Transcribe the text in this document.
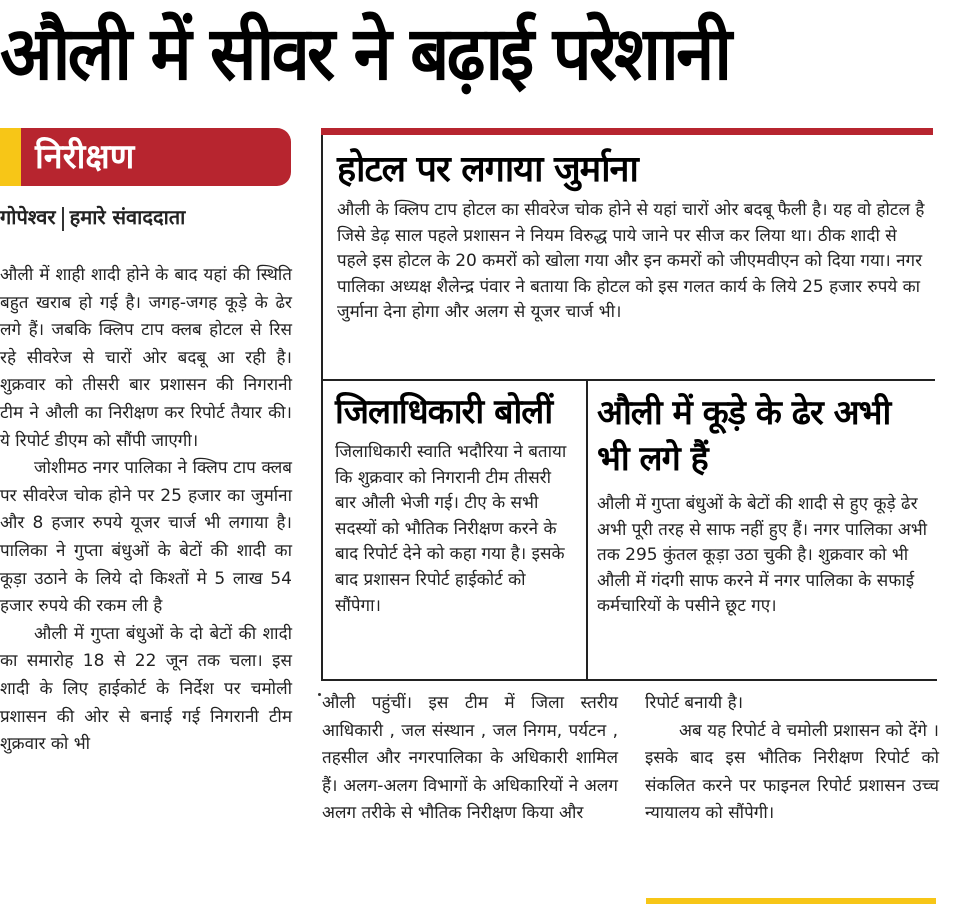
औली में सीवर ने बढ़ाई परेशानी
निरीक्षण
गोपेश्वर हमारे संवाददाता

औली में शाही शादी होने के बाद यहां की स्थिति बहुत खराब हो गई है। जगह-जगह कूड़े के ढेर लगे हैं। जबकि क्लिप टाप क्लब होटल से रिस रहे सीवरेज से चारों ओर बदबू आ रही है। शुक्रवार को तीसरी बार प्रशासन की निगरानी टीम ने औली का निरीक्षण कर रिपोर्ट तैयार की। ये रिपोर्ट डीएम को सौंपी जाएगी।

जोशीमठ नगर पालिका ने क्लिप टाप क्लब पर सीवरेज चोक होने पर 25 हजार का जुर्माना और 8 हजार रुपये यूजर चार्ज भी लगाया है। पालिका ने गुप्ता बंधुओं के बेटों की शादी का कूड़ा उठाने के लिये दो किश्तों मे 5 लाख 54 हजार रुपये की रकम ली है

औली में गुप्ता बंधुओं के दो बेटों की शादी का समारोह 18 से 22 जून तक चला। इस शादी के लिए हाईकोर्ट के निर्देश पर चमोली प्रशासन की ओर से बनाई गई निगरानी टीम शुक्रवार को भी

होटल पर लगाया जुर्माना
औली के क्लिप टाप होटल का सीवरेज चोक होने से यहां चारों ओर बदबू फैली है। यह वो होटल है जिसे डेढ़ साल पहले प्रशासन ने नियम विरुद्ध पाये जाने पर सीज कर लिया था। ठीक शादी से पहले इस होटल के 20 कमरों को खोला गया और इन कमरों को जीएमवीएन को दिया गया। नगर पालिका अध्यक्ष शैलेन्द्र पंवार ने बताया कि होटल को इस गलत कार्य के लिये 25 हजार रुपये का जुर्माना देना होगा और अलग से यूजर चार्ज भी।
जिलाधिकारी बोलीं
जिलाधिकारी स्वाति भदौरिया ने बताया कि शुक्रवार को निगरानी टीम तीसरी बार औली भेजी गई। टीए के सभी सदस्यों को भौतिक निरीक्षण करने के बाद रिपोर्ट देने को कहा गया है। इसके बाद प्रशासन रिपोर्ट हाईकोर्ट को सौंपेगा।
औली में कूड़े के ढेर अभी भी लगे हैं
औली में गुप्ता बंधुओं के बेटों की शादी से हुए कूड़े ढेर अभी पूरी तरह से साफ नहीं हुए हैं। नगर पालिका अभी तक 295 कुंतल कूड़ा उठा चुकी है। शुक्रवार को भी औली में गंदगी साफ करने में नगर पालिका के सफाई कर्मचारियों के पसीने छूट गए।

औली पहुंचीं। इस टीम में जिला स्तरीय आधिकारी , जल संस्थान , जल निगम, पर्यटन , तहसील और नगरपालिका के अधिकारी शामिल हैं। अलग-अलग विभागों के अधिकारियों ने अलग अलग तरीके से भौतिक निरीक्षण किया और

रिपोर्ट बनायी है।

अब यह रिपोर्ट वे चमोली प्रशासन को देंगे ।इसके बाद इस भौतिक निरीक्षण रिपोर्ट को संकलित करने पर फाइनल रिपोर्ट प्रशासन उच्च न्यायालय को सौंपेगी।
